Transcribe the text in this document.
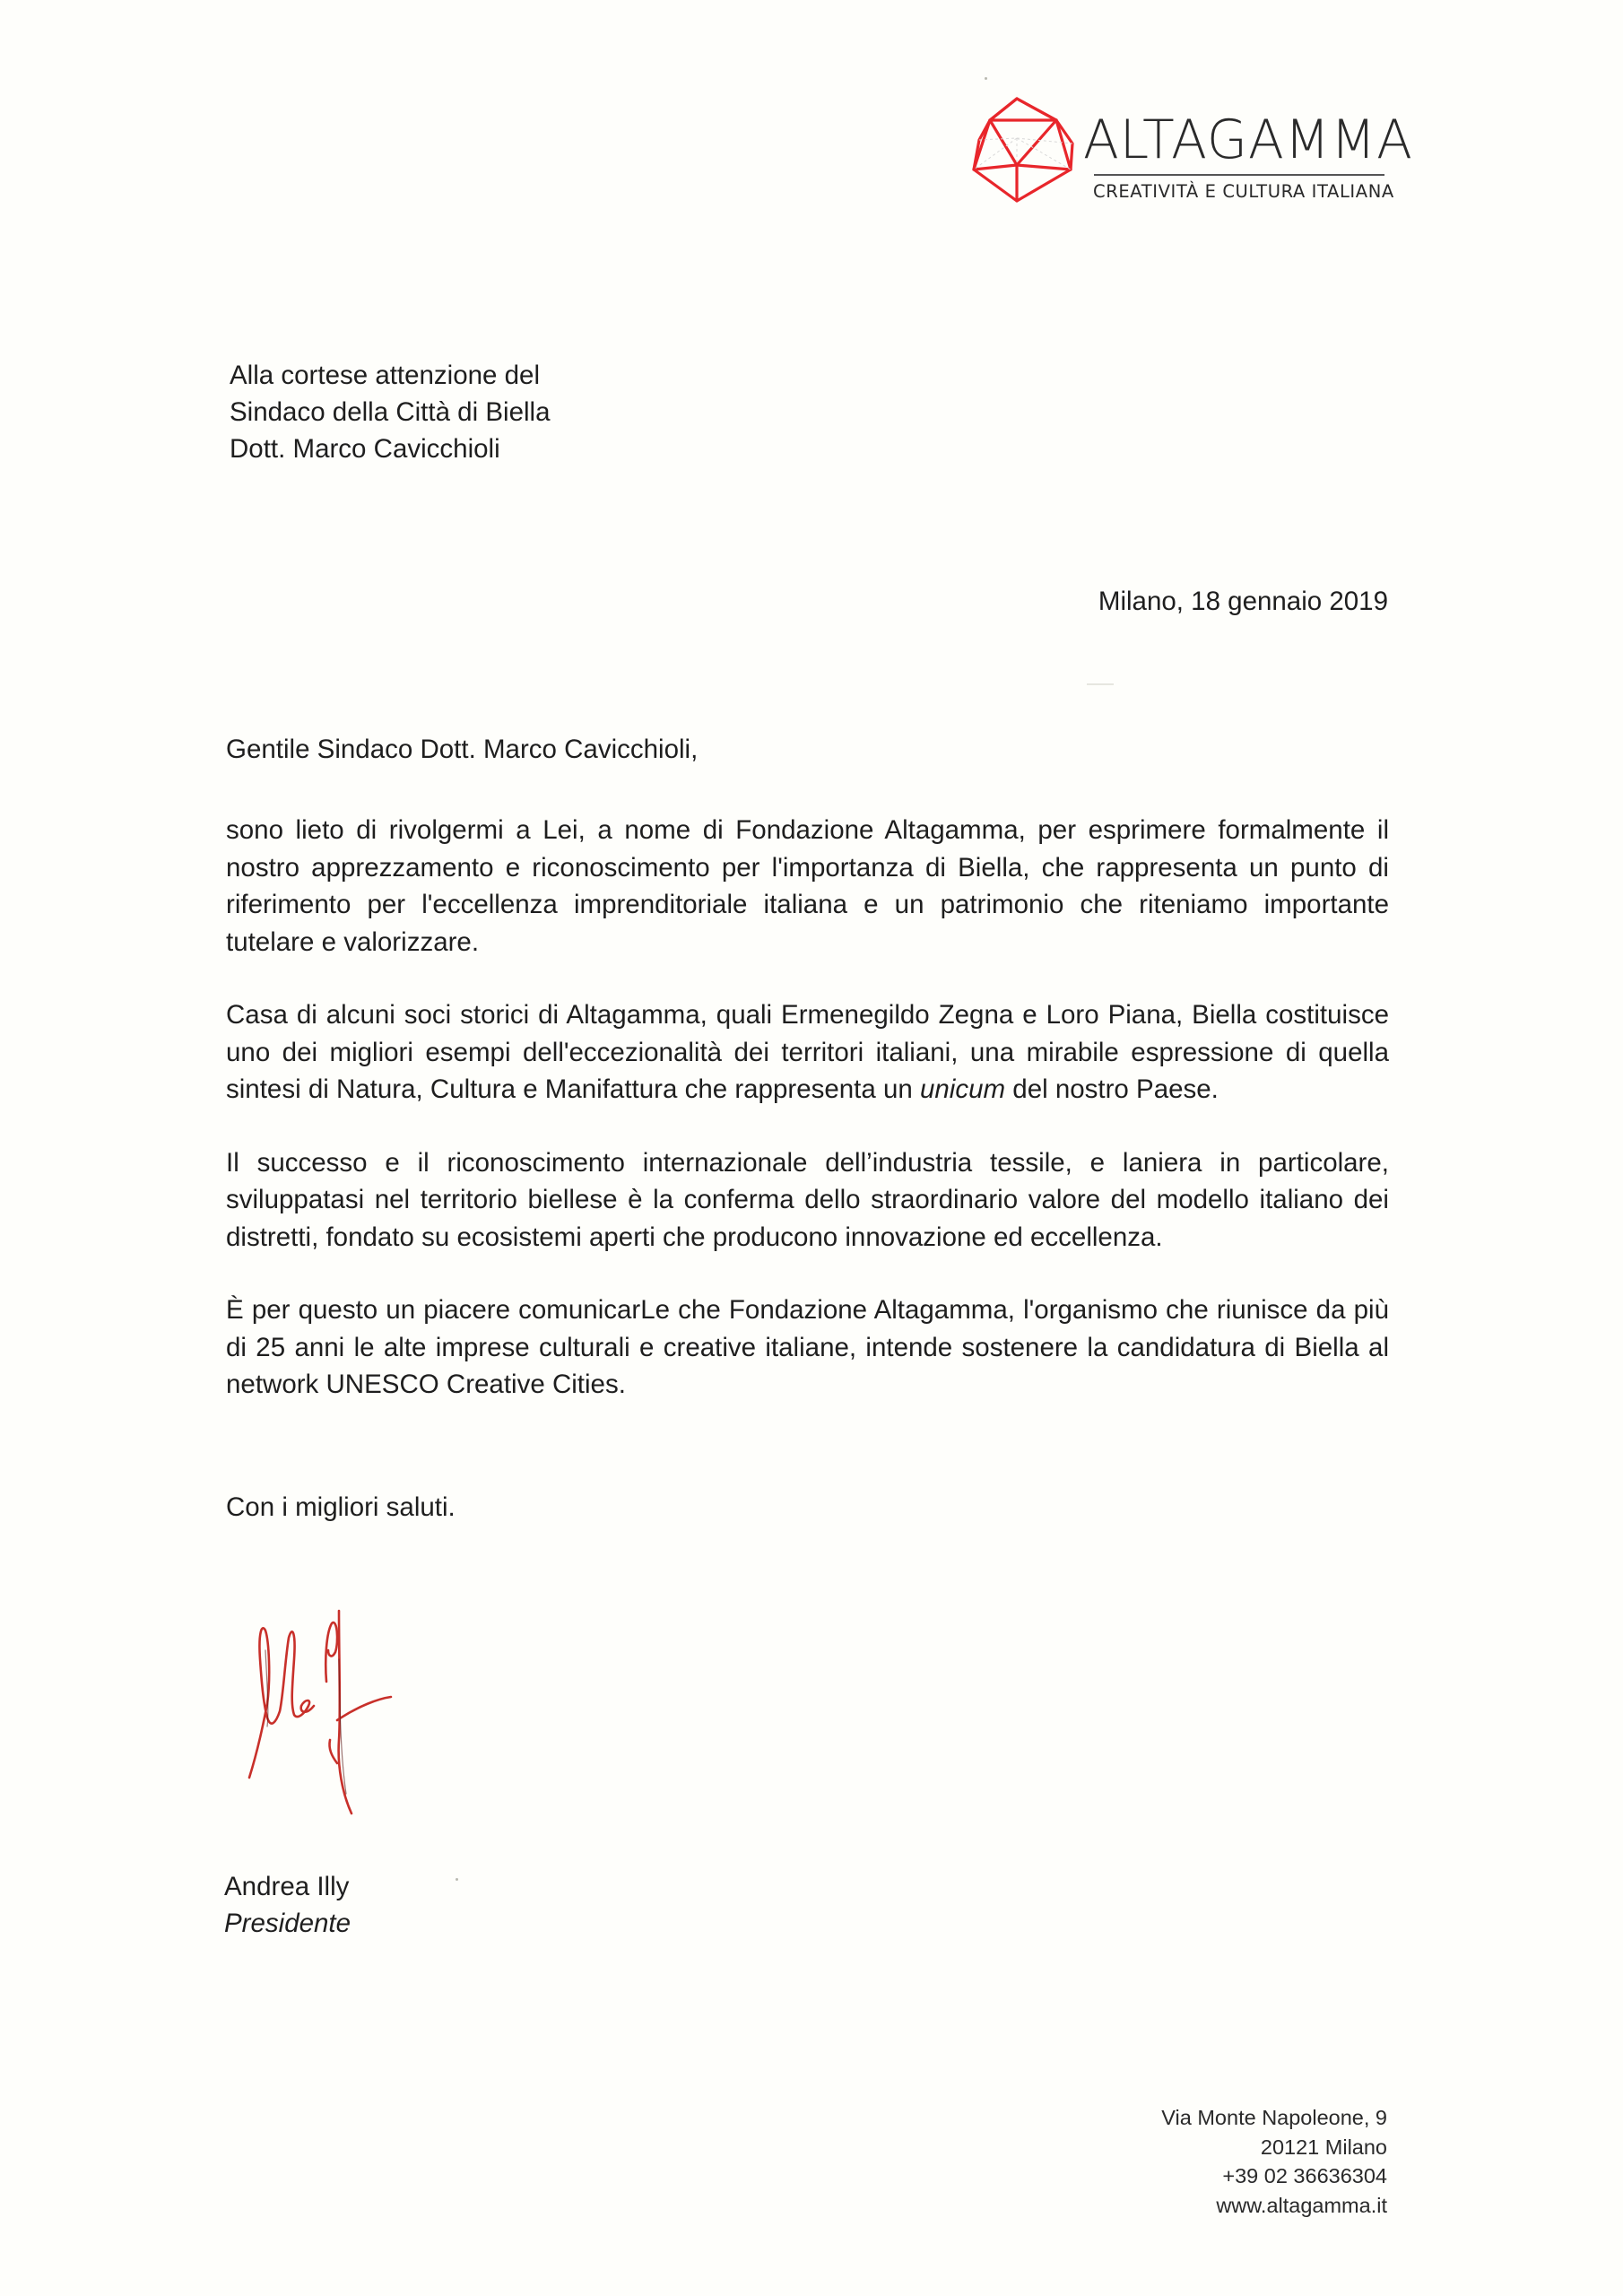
ALTAGAMMA
CREATIVITÀ E CULTURA ITALIANA
Alla cortese attenzione del
Sindaco della Città di Biella
Dott. Marco Cavicchioli
Milano, 18 gennaio 2019
Gentile Sindaco Dott. Marco Cavicchioli,

sono lieto di rivolgermi a Lei, a nome di Fondazione Altagamma, per esprimere formalmente il nostro apprezzamento e riconoscimento per l'importanza di Biella, che rappresenta un punto di riferimento per l'eccellenza imprenditoriale italiana e un patrimonio che riteniamo importante tutelare e valorizzare.

Casa di alcuni soci storici di Altagamma, quali Ermenegildo Zegna e Loro Piana, Biella costituisce uno dei migliori esempi dell'eccezionalità dei territori italiani, una mirabile espressione di quella sintesi di Natura, Cultura e Manifattura che rappresenta un unicum del nostro Paese.

Il successo e il riconoscimento internazionale dell’industria tessile, e laniera in particolare, sviluppatasi nel territorio biellese è la conferma dello straordinario valore del modello italiano dei distretti, fondato su ecosistemi aperti che producono innovazione ed eccellenza.

È per questo un piacere comunicarLe che Fondazione Altagamma, l'organismo che riunisce da più di 25 anni le alte imprese culturali e creative italiane, intende sostenere la candidatura di Biella al network UNESCO Creative Cities.

Con i migliori saluti.
Andrea Illy
Presidente
Via Monte Napoleone, 9
20121 Milano
+39 02 36636304
www.altagamma.it
